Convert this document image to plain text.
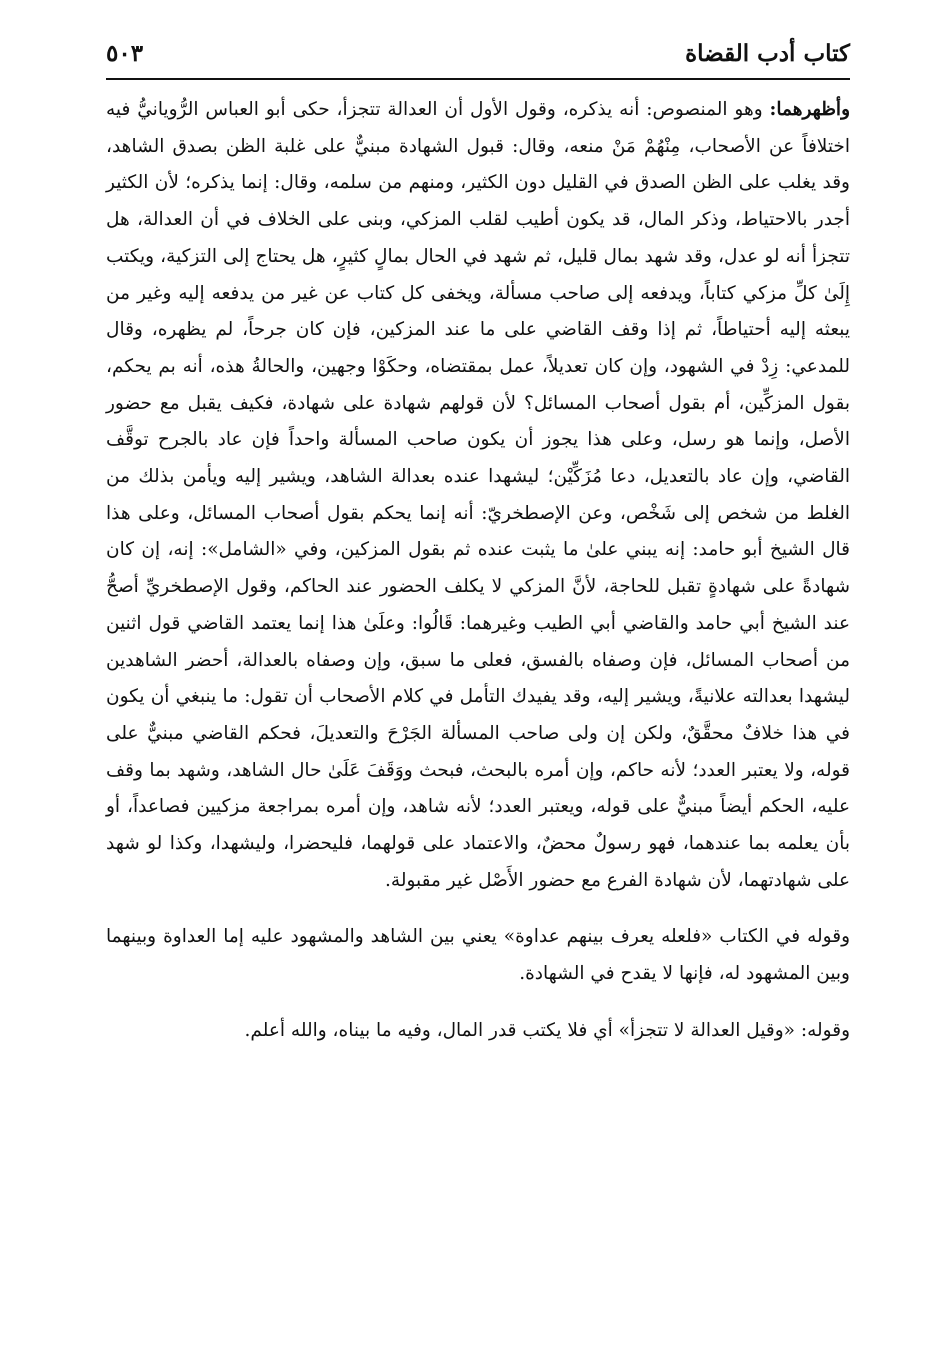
كتاب أدب القضاة
٥٠٣

وأظهرهما: وهو المنصوص: أنه يذكره، وقول الأول أن العدالة تتجزأ، حكى أبو العباس الرُّويانيُّ فيه اختلافاً عن الأصحاب، مِنْهُمْ مَنْ منعه، وقال: قبول الشهادة مبنيٌّ على غلبة الظن بصدق الشاهد، وقد يغلب على الظن الصدق في القليل دون الكثير، ومنهم من سلمه، وقال: إنما يذكره؛ لأن الكثير أجدر بالاحتياط، وذكر المال، قد يكون أطيب لقلب المزكي، وبنى على الخلاف في أن العدالة، هل تتجزأ أنه لو عدل، وقد شهد بمال قليل، ثم شهد في الحال بمالٍ كثيرٍ، هل يحتاج إلى التزكية، ويكتب إِلَىٰ كلِّ مزكي كتاباً، ويدفعه إلى صاحب مسألة، ويخفى كل كتاب عن غير من يدفعه إليه وغير من يبعثه إليه أحتياطاً، ثم إذا وقف القاضي على ما عند المزكين، فإن كان جرحاً، لم يظهره، وقال للمدعي: زِدْ في الشهود، وإن كان تعديلاً، عمل بمقتضاه، وحكَوْا وجهين، والحالةُ هذه، أنه بم يحكم، بقول المزكِّين، أم بقول أصحاب المسائل؟ لأن قولهم شهادة على شهادة، فكيف يقبل مع حضور الأصل، وإنما هو رسل، وعلى هذا يجوز أن يكون صاحب المسألة واحداً فإن عاد بالجرح توقَّف القاضي، وإن عاد بالتعديل، دعا مُزَكِّيْن؛ ليشهدا عنده بعدالة الشاهد، ويشير إليه ويأمن بذلك من الغلط من شخص إلى شَخْص، وعن الإصطخريّ: أنه إنما يحكم بقول أصحاب المسائل، وعلى هذا قال الشيخ أبو حامد: إنه يبني علىٰ ما يثبت عنده ثم بقول المزكين، وفي «الشامل»: إنه، إن كان شهادةً على شهادةٍ تقبل للحاجة، لأنَّ المزكي لا يكلف الحضور عند الحاكم، وقول الإصطخريِّ أصحُّ عند الشيخ أبي حامد والقاضي أبي الطيب وغيرهما: قَالُوا: وعلَىٰ هذا إنما يعتمد القاضي قول اثنين من أصحاب المسائل، فإن وصفاه بالفسق، فعلى ما سبق، وإن وصفاه بالعدالة، أحضر الشاهدين ليشهدا بعدالته علانيةً، ويشير إليه، وقد يفيدك التأمل في كلام الأصحاب أن تقول: ما ينبغي أن يكون في هذا خلافٌ محقَّقٌ، ولكن إن ولى صاحب المسألة الجَرْحَ والتعديلَ، فحكم القاضي مبنيٌّ على قوله، ولا يعتبر العدد؛ لأنه حاكم، وإن أمره بالبحث، فبحث ووَقَفَ عَلَىٰ حال الشاهد، وشهد بما وقف عليه، الحكم أيضاً مبنيٌّ على قوله، ويعتبر العدد؛ لأنه شاهد، وإن أمره بمراجعة مزكيين فصاعداً، أو بأن يعلمه بما عندهما، فهو رسولٌ محضٌ، والاعتماد على قولهما، فليحضرا، وليشهدا، وكذا لو شهد على شهادتهما، لأن شهادة الفرع مع حضور الأَصْل غير مقبولة.

وقوله في الكتاب «فلعله يعرف بينهم عداوة» يعني بين الشاهد والمشهود عليه إما العداوة وبينهما وبين المشهود له، فإنها لا يقدح في الشهادة.

وقوله: «وقيل العدالة لا تتجزأ» أي فلا يكتب قدر المال، وفيه ما بيناه، والله أعلم.
